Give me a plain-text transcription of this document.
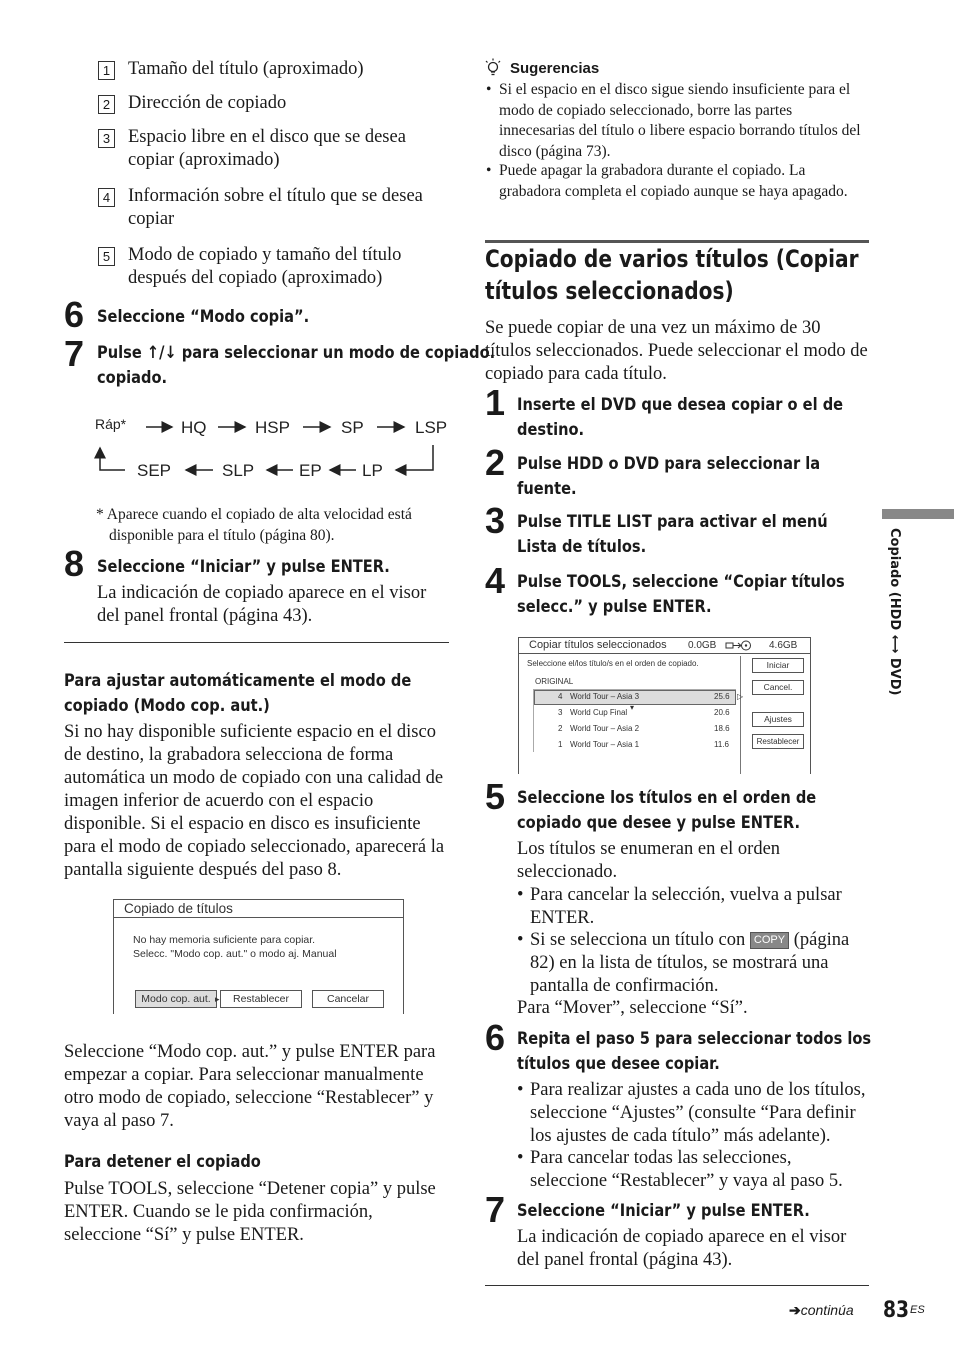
1 Tamaño del título (aproximado)
2 Dirección de copiado
3 Espacio libre en el disco que se desea copiar (aproximado)
4 Información sobre el título que se desea copiar
5 Modo de copiado y tamaño del título después del copiado (aproximado)
6 Seleccione “Modo copia”.
7 Pulse ↑/↓ para seleccionar un modo de copiado.
copiado.
Ráp*	HQ	HSP	SP	LSP
SEP	SLP	EP LP
* Aparece cuando el copiado de alta velocidad está disponible para el título (página 80).
8 Seleccione “Iniciar” y pulse ENTER.
La indicación de copiado aparece en el visor del panel frontal (página 43).
Para ajustar automáticamente el modo de copiado (Modo cop. aut.)
Si no hay disponible suficiente espacio en el disco de destino, la grabadora selecciona de forma automática un modo de copiado con una calidad de imagen inferior de acuerdo con el espacio disponible. Si el espacio en disco es insuficiente para el modo de copiado seleccionado, aparecerá la pantalla siguiente después del paso 8.
Copiado de títulos
No hay memoria suficiente para copiar.
Selecc. "Modo cop. aut." o modo aj. Manual
Modo cop. aut. ▸	Restablecer	Cancelar
Seleccione “Modo cop. aut.” y pulse ENTER para empezar a copiar. Para seleccionar manualmente otro modo de copiado, seleccione “Restablecer” y vaya al paso 7.
Para detener el copiado
Pulse TOOLS, seleccione “Detener copia” y pulse ENTER. Cuando se le pida confirmación, seleccione “Sí” y pulse ENTER.
Sugerencias
• Si el espacio en el disco sigue siendo insuficiente para el modo de copiado seleccionado, borre las partes innecesarias del título o libere espacio borrando títulos del disco (página 73).
• Puede apagar la grabadora durante el copiado. La grabadora completa el copiado aunque se haya apagado.
Copiado de varios títulos (Copiar
títulos seleccionados)
Se puede copiar de una vez un máximo de 30 títulos seleccionados. Puede seleccionar el modo de copiado para cada título.
1 Inserte el DVD que desea copiar o el de destino.
2 Pulse HDD o DVD para seleccionar la fuente.
3 Pulse TITLE LIST para activar el menú Lista de títulos.
4 Pulse TOOLS, seleccione “Copiar títulos selecc.” y pulse ENTER.
Copiar títulos seleccionados 0.0GB	4.6GB
Seleccione el/los título/s en el orden de copiado.
ORIGINAL
4 World Tour – Asia 3	25.6
▾
▷
3 World Cup Final	20.6
2 World Tour – Asia 2	18.6
1 World Tour – Asia 1	11.6
Iniciar
Cancel.
Ajustes
Restablecer
5 Seleccione los títulos en el orden de copiado que desee y pulse ENTER.
Los títulos se enumeran en el orden seleccionado.
• Para cancelar la selección, vuelva a pulsar ENTER.
• Si se selecciona un título con COPY (página 82) en la lista de títulos, se mostrará una pantalla de confirmación.
Para “Mover”, seleccione “Sí”.
6 Repita el paso 5 para seleccionar todos los títulos que desee copiar.
• Para realizar ajustes a cada uno de los títulos, seleccione “Ajustes” (consulte “Para definir los ajustes de cada título” más adelante).
• Para cancelar todas las selecciones, seleccione “Restablecer” y vaya al paso 5.
7 Seleccione “Iniciar” y pulse ENTER.
La indicación de copiado aparece en el visor del panel frontal (página 43).
➔continúa 83 ES
Copiado (HDD ⟷ DVD)
